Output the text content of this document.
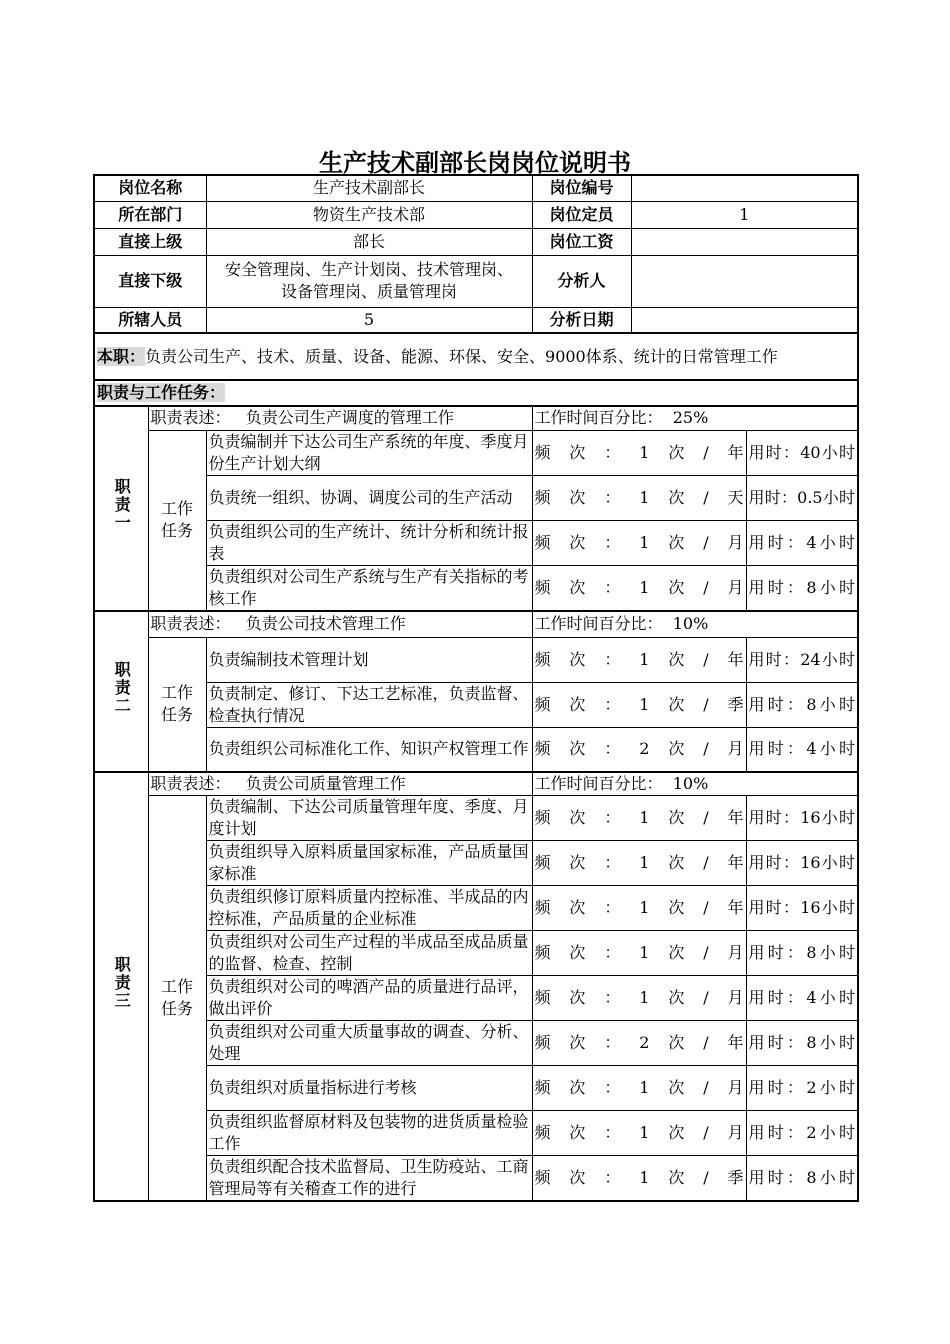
生产技术副部长岗岗位说明书
岗位名称		生产技术副部长	岗位编号		
所在部门		物资生产技术部	岗位定员	1	
直接上级		部长	岗位工资		
直接下级		安全管理岗、生产计划岗、技术管理岗、设备管理岗、质量管理岗	分析人		
所辖人员		5	分析日期		
本职：负责公司生产、技术、质量、设备、能源、环保、安全、9000体系、统计的日常管理工作					
职责与工作任务：					
职责一	职责表述： 负责公司生产调度的管理工作		工作时间百分比： 25%		
	工作任务	负责编制并下达公司生产系统的年度、季度月份生产计划大纲	频次：1次/年		用时：40小时
		负责统一组织、协调、调度公司的生产活动	频次：1次/天		用时：0.5小时
		负责组织公司的生产统计、统计分析和统计报表	频次：1次/月		用时：4小时
		负责组织对公司生产系统与生产有关指标的考核工作	频次：1次/月		用时：8小时
职责二	职责表述： 负责公司技术管理工作		工作时间百分比： 10%		
	工作任务	负责编制技术管理计划	频次：1次/年		用时：24小时
		负责制定、修订、下达工艺标准，负责监督、检查执行情况	频次：1次/季		用时：8小时
		负责组织公司标准化工作、知识产权管理工作	频次：2次/月		用时：4小时
职责三	职责表述： 负责公司质量管理工作		工作时间百分比： 10%		
	工作任务	负责编制、下达公司质量管理年度、季度、月度计划	频次：1次/年		用时：16小时
		负责组织导入原料质量国家标准，产品质量国家标准	频次：1次/年		用时：16小时
		负责组织修订原料质量内控标准、半成品的内控标准，产品质量的企业标准	频次：1次/年		用时：16小时
		负责组织对公司生产过程的半成品至成品质量的监督、检查、控制	频次：1次/月		用时：8小时
		负责组织对公司的啤酒产品的质量进行品评，做出评价	频次：1次/月		用时：4小时
		负责组织对公司重大质量事故的调查、分析、处理	频次：2次/年		用时：8小时
		负责组织对质量指标进行考核	频次：1次/月		用时：2小时
		负责组织监督原材料及包装物的进货质量检验工作	频次：1次/月		用时：2小时
		负责组织配合技术监督局、卫生防疫站、工商管理局等有关稽查工作的进行	频次：1次/季		用时：8小时
